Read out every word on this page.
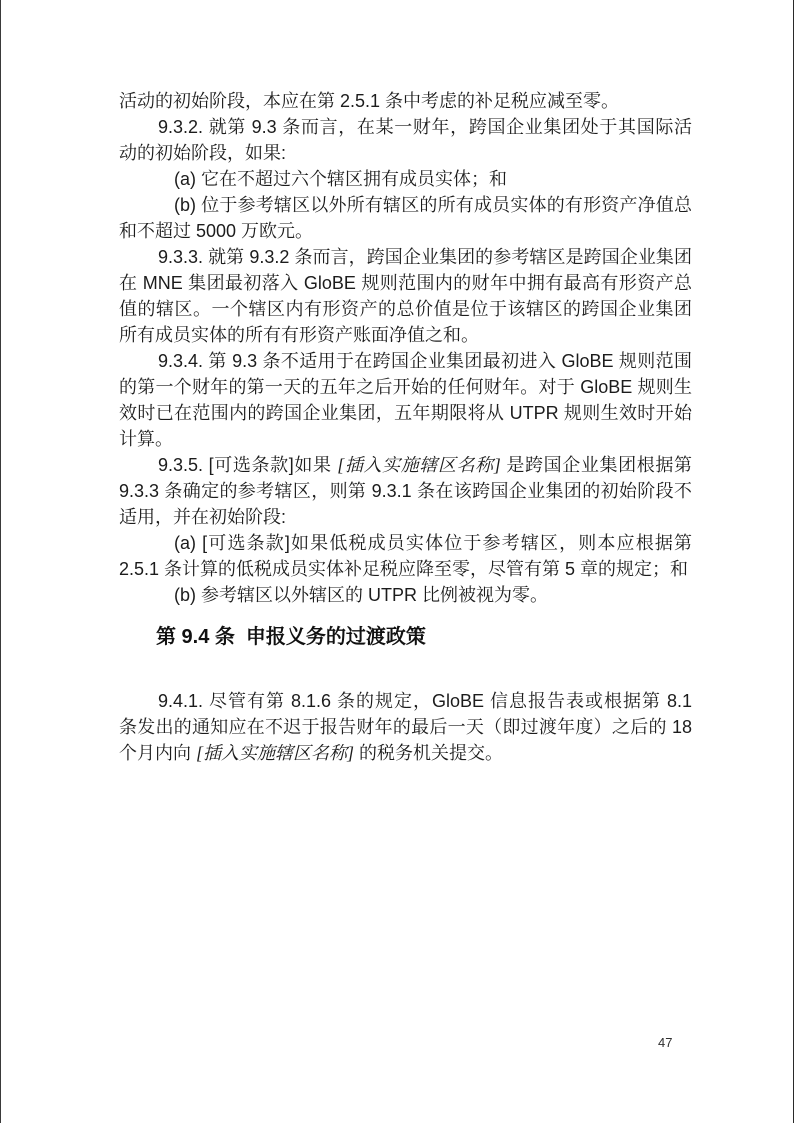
活动的初始阶段，本应在第 2.5.1 条中考虑的补足税应减至零。

9.3.2. 就第 9.3 条而言，在某一财年，跨国企业集团处于其国际活动的初始阶段，如果:

(a) 它在不超过六个辖区拥有成员实体；和

(b) 位于参考辖区以外所有辖区的所有成员实体的有形资产净值总和不超过 5000 万欧元。

9.3.3. 就第 9.3.2 条而言，跨国企业集团的参考辖区是跨国企业集团在 MNE 集团最初落入 GloBE 规则范围内的财年中拥有最高有形资产总值的辖区。一个辖区内有形资产的总价值是位于该辖区的跨国企业集团所有成员实体的所有有形资产账面净值之和。

9.3.4. 第 9.3 条不适用于在跨国企业集团最初进入 GloBE 规则范围的第一个财年的第一天的五年之后开始的任何财年。对于 GloBE 规则生效时已在范围内的跨国企业集团，五年期限将从 UTPR 规则生效时开始计算。

9.3.5. [可选条款]如果 [插入实施辖区名称] 是跨国企业集团根据第 9.3.3 条确定的参考辖区，则第 9.3.1 条在该跨国企业集团的初始阶段不适用，并在初始阶段:

(a) [可选条款]如果低税成员实体位于参考辖区，则本应根据第 2.5.1 条计算的低税成员实体补足税应降至零，尽管有第 5 章的规定；和

(b) 参考辖区以外辖区的 UTPR 比例被视为零。

第 9.4 条 申报义务的过渡政策

9.4.1. 尽管有第 8.1.6 条的规定，GloBE 信息报告表或根据第 8.1 条发出的通知应在不迟于报告财年的最后一天（即过渡年度）之后的 18 个月内向 [插入实施辖区名称] 的税务机关提交。

47
